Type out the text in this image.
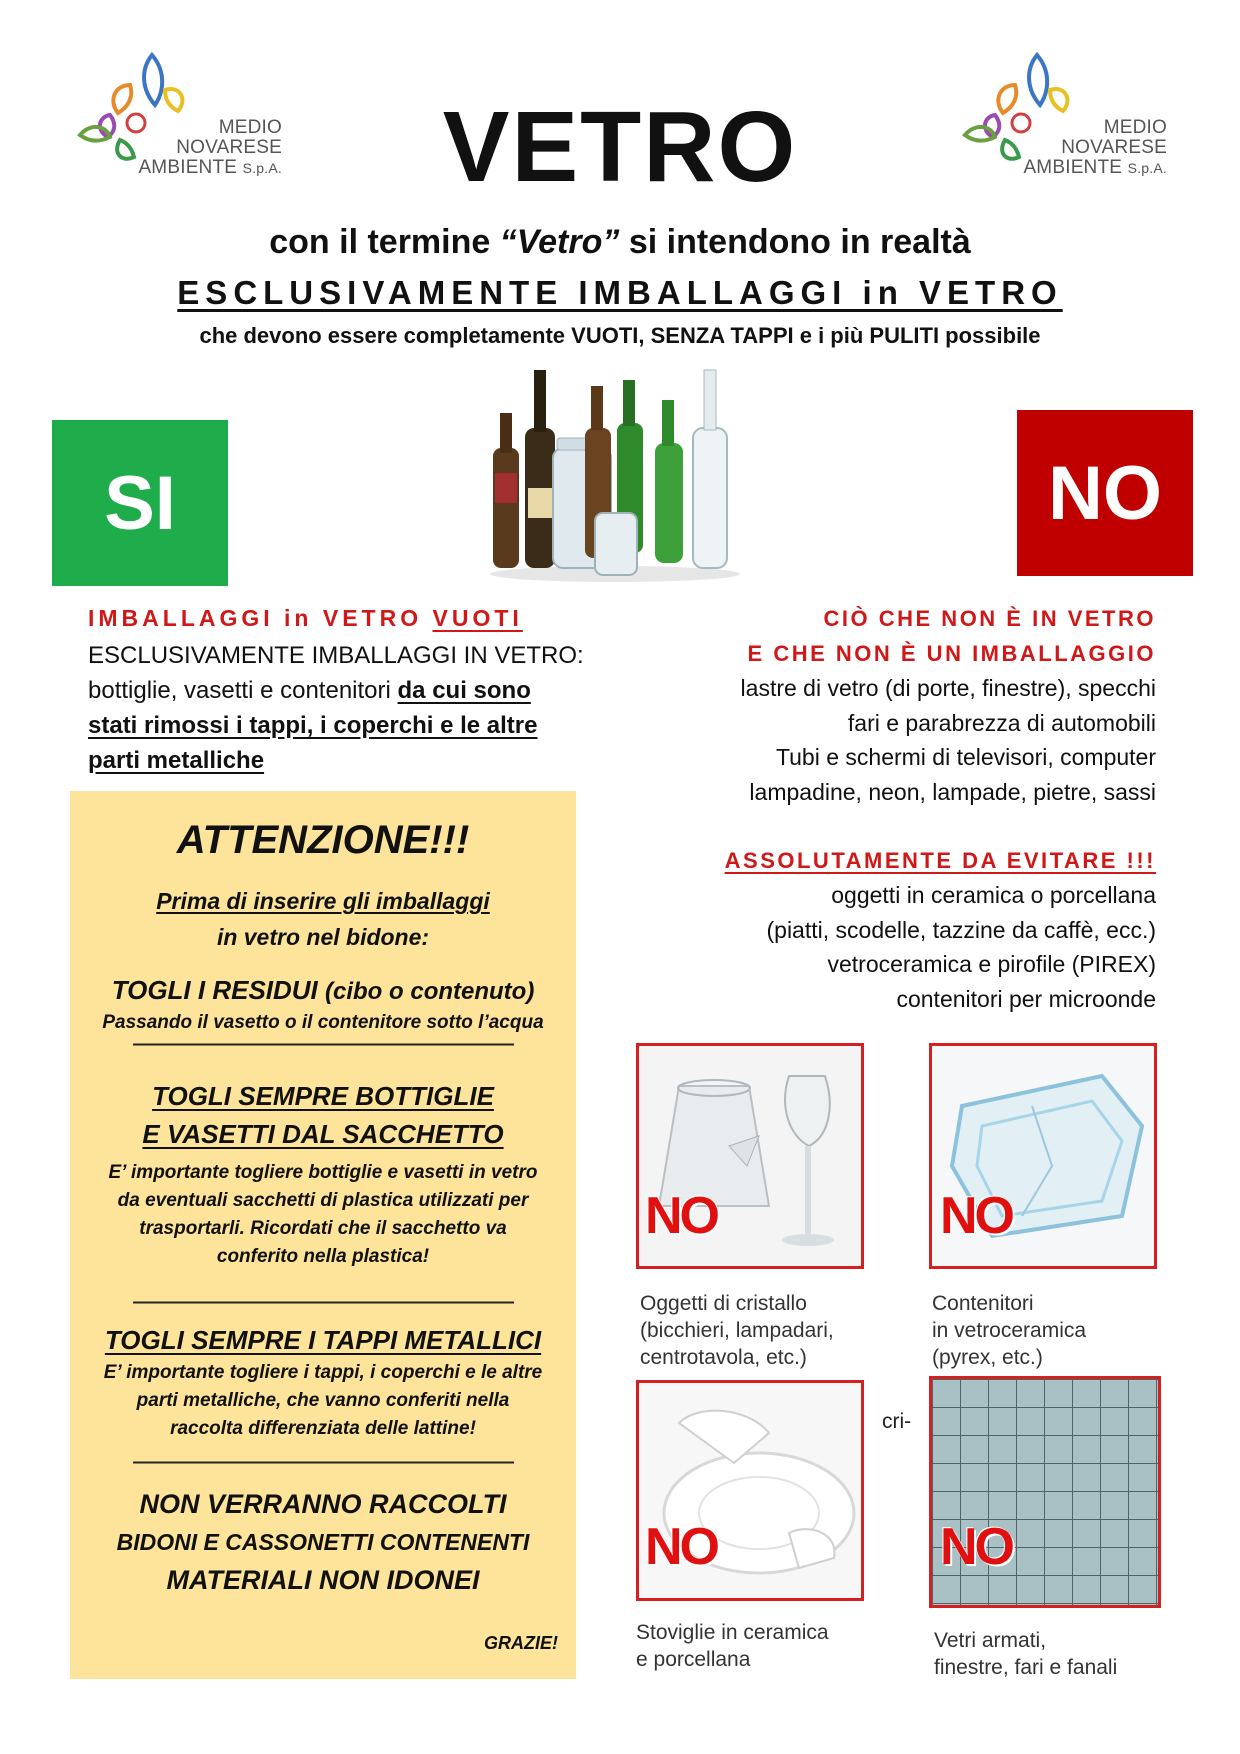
MEDIO
NOVARESE
AMBIENTE S.p.A.
MEDIO
NOVARESE
AMBIENTE S.p.A.
VETRO
con il termine “Vetro” si intendono in realtà
ESCLUSIVAMENTE IMBALLAGGI in VETRO
che devono essere completamente VUOTI, SENZA TAPPI e i più PULITI possibile
SI	NO
IMBALLAGGI in VETRO VUOTI
ESCLUSIVAMENTE IMBALLAGGI IN VETRO:
bottiglie, vasetti e contenitori da cui sono
stati rimossi i tappi, i coperchi e le altre
parti metalliche
CIÒ CHE NON È IN VETRO
E CHE NON È UN IMBALLAGGIO
lastre di vetro (di porte, finestre), specchi
fari e parabrezza di automobili
Tubi e schermi di televisori, computer
lampadine, neon, lampade, pietre, sassi
ASSOLUTAMENTE DA EVITARE !!!
oggetti in ceramica o porcellana
(piatti, scodelle, tazzine da caffè, ecc.)
vetroceramica e pirofile (PIREX)
contenitori per microonde
ATTENZIONE!!!
Prima di inserire gli imballaggi
in vetro nel bidone:
TOGLI I RESIDUI (cibo o contenuto)
Passando il vasetto o il contenitore sotto l’acqua
————————————————————
TOGLI SEMPRE BOTTIGLIE
E VASETTI DAL SACCHETTO
E’ importante togliere bottiglie e vasetti in vetro
da eventuali sacchetti di plastica utilizzati per
trasportarli. Ricordati che il sacchetto va
conferito nella plastica!
————————————————————
TOGLI SEMPRE I TAPPI METALLICI
E’ importante togliere i tappi, i coperchi e le altre
parti metalliche, che vanno conferiti nella
raccolta differenziata delle lattine!
————————————————————
NON VERRANNO RACCOLTI
BIDONI E CASSONETTI CONTENENTI
MATERIALI NON IDONEI
GRAZIE!
NO
Oggetti di cristallo
(bicchieri, lampadari,
centrotavola, etc.)
NO
Contenitori
in vetroceramica
(pyrex, etc.)
NO
Stoviglie in ceramica
e porcellana
cri-
NO
Vetri armati,
finestre, fari e fanali
